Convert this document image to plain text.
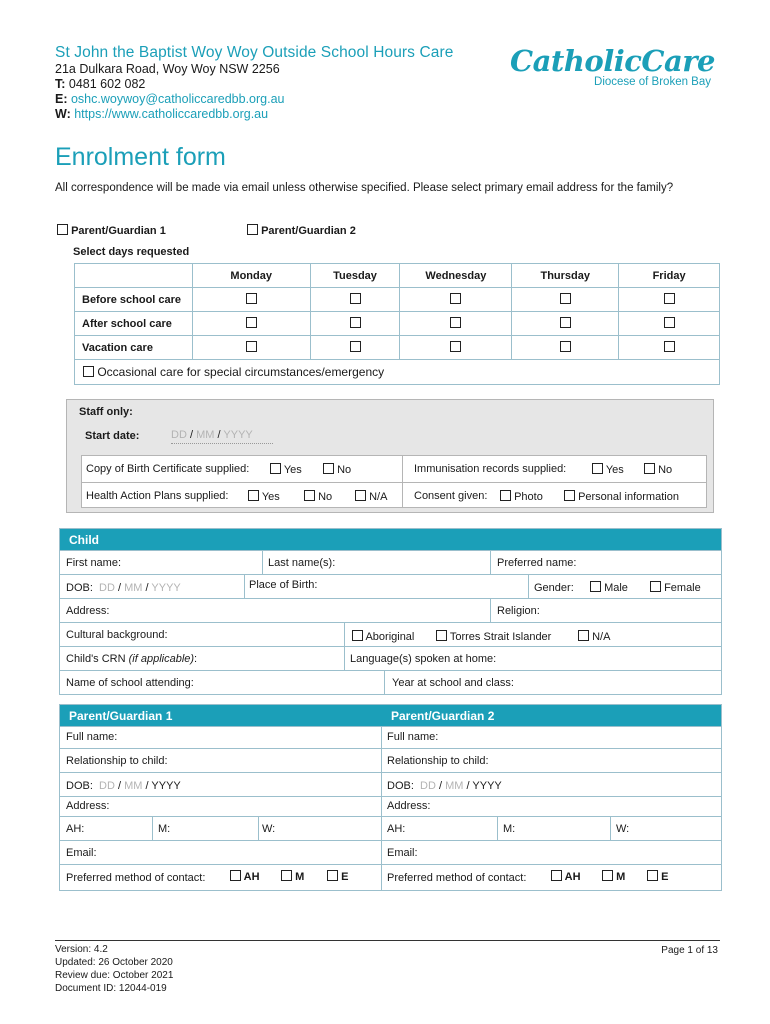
St John the Baptist Woy Woy Outside School Hours Care
21a Dulkara Road, Woy Woy NSW 2256
T: 0481 602 082
E: oshc.woywoy@catholiccaredbb.org.au
W: https://www.catholiccaredbb.org.au
CatholicCare
Diocese of Broken Bay
Enrolment form
All correspondence will be made via email unless otherwise specified. Please select primary email address for the family?
Parent/Guardian 1	Parent/Guardian 2
Select days requested
	Monday	Tuesday	Wednesday	Thursday	Friday
Before school care					
After school care					
Vacation care					
Occasional care for special circumstances/emergency					
Staff only:
Start date:	DD / MM / YYYY
Copy of Birth Certificate supplied:	Yes	No	Immunisation records supplied:	Yes	No
Health Action Plans supplied:	Yes	No	N/A Consent given:	Photo	Personal information
Child
First name:	Last name(s):	Preferred name:
DOB: DD / MM / YYYY	Place of Birth:	Gender:	Male	Female
Address:	Religion:
Cultural background:	Aboriginal	Torres Strait Islander	N/A
Child's CRN (if applicable):	Language(s) spoken at home:
Name of school attending:	Year at school and class:
Parent/Guardian 1	Parent/Guardian 2
Full name:	Full name:
Relationship to child:	Relationship to child:
DOB: DD / MM / YYYY	DOB: DD / MM / YYYY
Address:	Address:
AH:	M:	W:	AH:	M:	W:
Email:	Email:
Preferred method of contact:	AH	M	E	Preferred method of contact:	AH	M	E
Version: 4.2
Updated: 26 October 2020
Review due: October 2021
Document ID: 12044-019
Page 1 of 13
